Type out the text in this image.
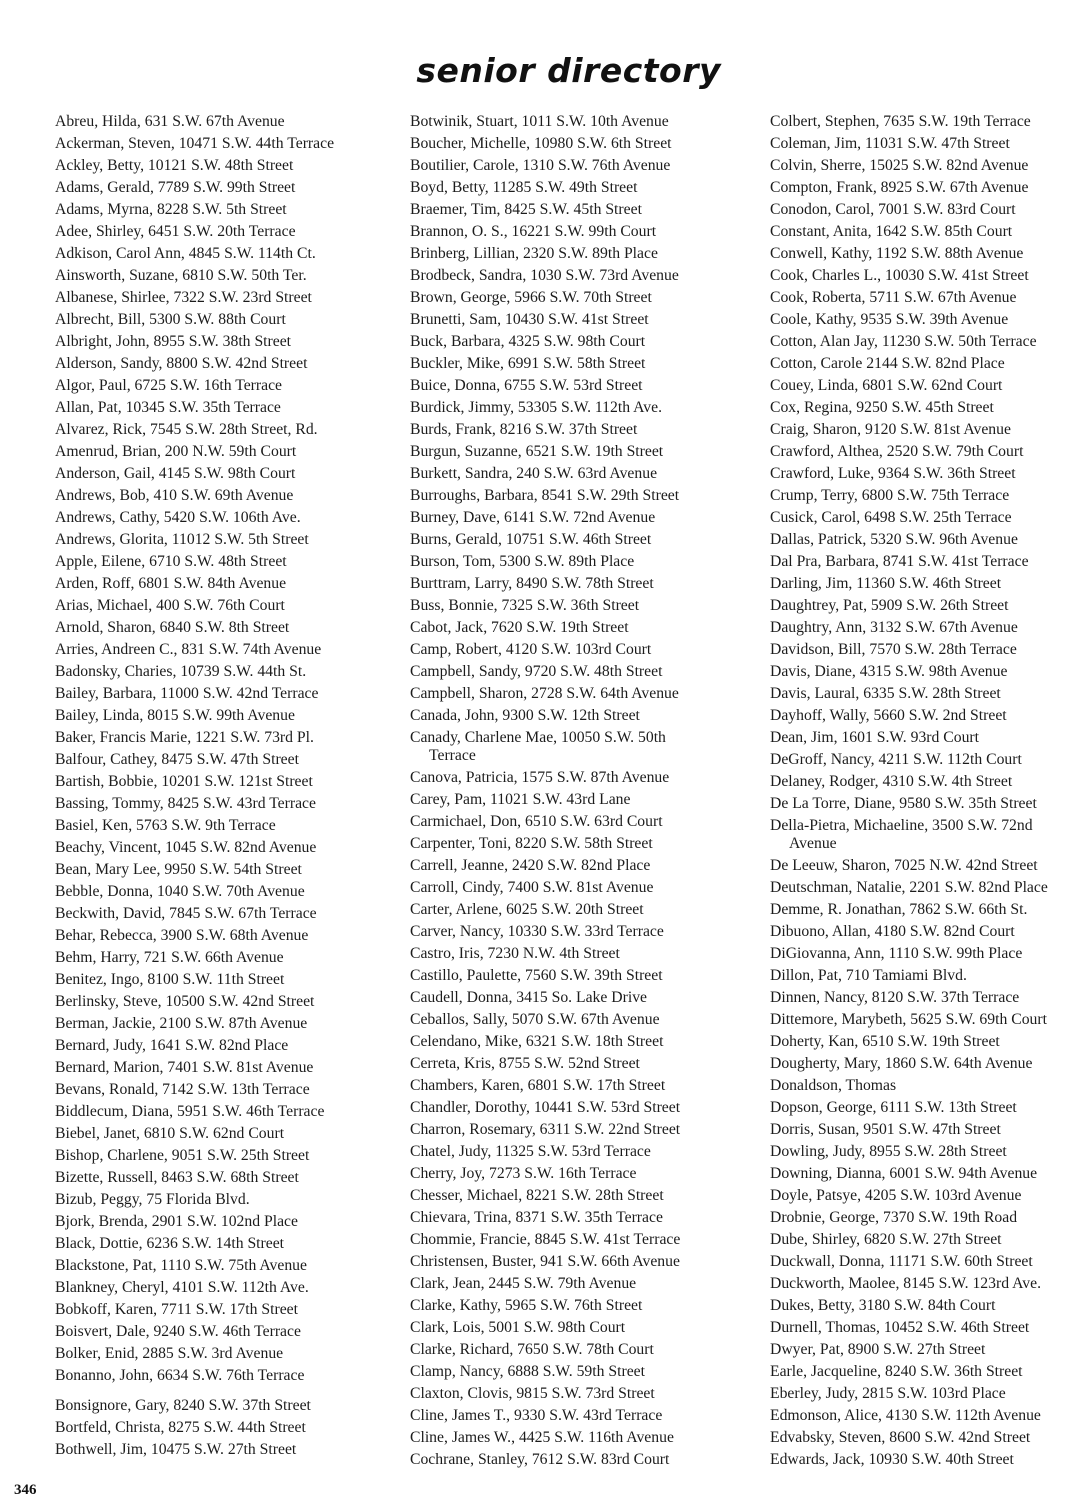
senior directory
Abreu, Hilda, 631 S.W. 67th Avenue
Ackerman, Steven, 10471 S.W. 44th Terrace
Ackley, Betty, 10121 S.W. 48th Street
Adams, Gerald, 7789 S.W. 99th Street
Adams, Myrna, 8228 S.W. 5th Street
Adee, Shirley, 6451 S.W. 20th Terrace
Adkison, Carol Ann, 4845 S.W. 114th Ct.
Ainsworth, Suzane, 6810 S.W. 50th Ter.
Albanese, Shirlee, 7322 S.W. 23rd Street
Albrecht, Bill, 5300 S.W. 88th Court
Albright, John, 8955 S.W. 38th Street
Alderson, Sandy, 8800 S.W. 42nd Street
Algor, Paul, 6725 S.W. 16th Terrace
Allan, Pat, 10345 S.W. 35th Terrace
Alvarez, Rick, 7545 S.W. 28th Street, Rd.
Amenrud, Brian, 200 N.W. 59th Court
Anderson, Gail, 4145 S.W. 98th Court
Andrews, Bob, 410 S.W. 69th Avenue
Andrews, Cathy, 5420 S.W. 106th Ave.
Andrews, Glorita, 11012 S.W. 5th Street
Apple, Eilene, 6710 S.W. 48th Street
Arden, Roff, 6801 S.W. 84th Avenue
Arias, Michael, 400 S.W. 76th Court
Arnold, Sharon, 6840 S.W. 8th Street
Arries, Andreen C., 831 S.W. 74th Avenue
Badonsky, Charies, 10739 S.W. 44th St.
Bailey, Barbara, 11000 S.W. 42nd Terrace
Bailey, Linda, 8015 S.W. 99th Avenue
Baker, Francis Marie, 1221 S.W. 73rd Pl.
Balfour, Cathey, 8475 S.W. 47th Street
Bartish, Bobbie, 10201 S.W. 121st Street
Bassing, Tommy, 8425 S.W. 43rd Terrace
Basiel, Ken, 5763 S.W. 9th Terrace
Beachy, Vincent, 1045 S.W. 82nd Avenue
Bean, Mary Lee, 9950 S.W. 54th Street
Bebble, Donna, 1040 S.W. 70th Avenue
Beckwith, David, 7845 S.W. 67th Terrace
Behar, Rebecca, 3900 S.W. 68th Avenue
Behm, Harry, 721 S.W. 66th Avenue
Benitez, Ingo, 8100 S.W. 11th Street
Berlinsky, Steve, 10500 S.W. 42nd Street
Berman, Jackie, 2100 S.W. 87th Avenue
Bernard, Judy, 1641 S.W. 82nd Place
Bernard, Marion, 7401 S.W. 81st Avenue
Bevans, Ronald, 7142 S.W. 13th Terrace
Biddlecum, Diana, 5951 S.W. 46th Terrace
Biebel, Janet, 6810 S.W. 62nd Court
Bishop, Charlene, 9051 S.W. 25th Street
Bizette, Russell, 8463 S.W. 68th Street
Bizub, Peggy, 75 Florida Blvd.
Bjork, Brenda, 2901 S.W. 102nd Place
Black, Dottie, 6236 S.W. 14th Street
Blackstone, Pat, 1110 S.W. 75th Avenue
Blankney, Cheryl, 4101 S.W. 112th Ave.
Bobkoff, Karen, 7711 S.W. 17th Street
Boisvert, Dale, 9240 S.W. 46th Terrace
Bolker, Enid, 2885 S.W. 3rd Avenue
Bonanno, John, 6634 S.W. 76th Terrace
Bonsignore, Gary, 8240 S.W. 37th Street
Bortfeld, Christa, 8275 S.W. 44th Street
Bothwell, Jim, 10475 S.W. 27th Street
Botwinik, Stuart, 1011 S.W. 10th Avenue
Boucher, Michelle, 10980 S.W. 6th Street
Boutilier, Carole, 1310 S.W. 76th Avenue
Boyd, Betty, 11285 S.W. 49th Street
Braemer, Tim, 8425 S.W. 45th Street
Brannon, O. S., 16221 S.W. 99th Court
Brinberg, Lillian, 2320 S.W. 89th Place
Brodbeck, Sandra, 1030 S.W. 73rd Avenue
Brown, George, 5966 S.W. 70th Street
Brunetti, Sam, 10430 S.W. 41st Street
Buck, Barbara, 4325 S.W. 98th Court
Buckler, Mike, 6991 S.W. 58th Street
Buice, Donna, 6755 S.W. 53rd Street
Burdick, Jimmy, 53305 S.W. 112th Ave.
Burds, Frank, 8216 S.W. 37th Street
Burgun, Suzanne, 6521 S.W. 19th Street
Burkett, Sandra, 240 S.W. 63rd Avenue
Burroughs, Barbara, 8541 S.W. 29th Street
Burney, Dave, 6141 S.W. 72nd Avenue
Burns, Gerald, 10751 S.W. 46th Street
Burson, Tom, 5300 S.W. 89th Place
Burttram, Larry, 8490 S.W. 78th Street
Buss, Bonnie, 7325 S.W. 36th Street
Cabot, Jack, 7620 S.W. 19th Street
Camp, Robert, 4120 S.W. 103rd Court
Campbell, Sandy, 9720 S.W. 48th Street
Campbell, Sharon, 2728 S.W. 64th Avenue
Canada, John, 9300 S.W. 12th Street
Canady, Charlene Mae, 10050 S.W. 50th
Terrace
Canova, Patricia, 1575 S.W. 87th Avenue
Carey, Pam, 11021 S.W. 43rd Lane
Carmichael, Don, 6510 S.W. 63rd Court
Carpenter, Toni, 8220 S.W. 58th Street
Carrell, Jeanne, 2420 S.W. 82nd Place
Carroll, Cindy, 7400 S.W. 81st Avenue
Carter, Arlene, 6025 S.W. 20th Street
Carver, Nancy, 10330 S.W. 33rd Terrace
Castro, Iris, 7230 N.W. 4th Street
Castillo, Paulette, 7560 S.W. 39th Street
Caudell, Donna, 3415 So. Lake Drive
Ceballos, Sally, 5070 S.W. 67th Avenue
Celendano, Mike, 6321 S.W. 18th Street
Cerreta, Kris, 8755 S.W. 52nd Street
Chambers, Karen, 6801 S.W. 17th Street
Chandler, Dorothy, 10441 S.W. 53rd Street
Charron, Rosemary, 6311 S.W. 22nd Street
Chatel, Judy, 11325 S.W. 53rd Terrace
Cherry, Joy, 7273 S.W. 16th Terrace
Chesser, Michael, 8221 S.W. 28th Street
Chievara, Trina, 8371 S.W. 35th Terrace
Chommie, Francie, 8845 S.W. 41st Terrace
Christensen, Buster, 941 S.W. 66th Avenue
Clark, Jean, 2445 S.W. 79th Avenue
Clarke, Kathy, 5965 S.W. 76th Street
Clark, Lois, 5001 S.W. 98th Court
Clarke, Richard, 7650 S.W. 78th Court
Clamp, Nancy, 6888 S.W. 59th Street
Claxton, Clovis, 9815 S.W. 73rd Street
Cline, James T., 9330 S.W. 43rd Terrace
Cline, James W., 4425 S.W. 116th Avenue
Cochrane, Stanley, 7612 S.W. 83rd Court
Colbert, Stephen, 7635 S.W. 19th Terrace
Coleman, Jim, 11031 S.W. 47th Street
Colvin, Sherre, 15025 S.W. 82nd Avenue
Compton, Frank, 8925 S.W. 67th Avenue
Conodon, Carol, 7001 S.W. 83rd Court
Constant, Anita, 1642 S.W. 85th Court
Conwell, Kathy, 1192 S.W. 88th Avenue
Cook, Charles L., 10030 S.W. 41st Street
Cook, Roberta, 5711 S.W. 67th Avenue
Coole, Kathy, 9535 S.W. 39th Avenue
Cotton, Alan Jay, 11230 S.W. 50th Terrace
Cotton, Carole 2144 S.W. 82nd Place
Couey, Linda, 6801 S.W. 62nd Court
Cox, Regina, 9250 S.W. 45th Street
Craig, Sharon, 9120 S.W. 81st Avenue
Crawford, Althea, 2520 S.W. 79th Court
Crawford, Luke, 9364 S.W. 36th Street
Crump, Terry, 6800 S.W. 75th Terrace
Cusick, Carol, 6498 S.W. 25th Terrace
Dallas, Patrick, 5320 S.W. 96th Avenue
Dal Pra, Barbara, 8741 S.W. 41st Terrace
Darling, Jim, 11360 S.W. 46th Street
Daughtrey, Pat, 5909 S.W. 26th Street
Daughtry, Ann, 3132 S.W. 67th Avenue
Davidson, Bill, 7570 S.W. 28th Terrace
Davis, Diane, 4315 S.W. 98th Avenue
Davis, Laural, 6335 S.W. 28th Street
Dayhoff, Wally, 5660 S.W. 2nd Street
Dean, Jim, 1601 S.W. 93rd Court
DeGroff, Nancy, 4211 S.W. 112th Court
Delaney, Rodger, 4310 S.W. 4th Street
De La Torre, Diane, 9580 S.W. 35th Street
Della-Pietra, Michaeline, 3500 S.W. 72nd
Avenue
De Leeuw, Sharon, 7025 N.W. 42nd Street
Deutschman, Natalie, 2201 S.W. 82nd Place
Demme, R. Jonathan, 7862 S.W. 66th St.
Dibuono, Allan, 4180 S.W. 82nd Court
DiGiovanna, Ann, 1110 S.W. 99th Place
Dillon, Pat, 710 Tamiami Blvd.
Dinnen, Nancy, 8120 S.W. 37th Terrace
Dittemore, Marybeth, 5625 S.W. 69th Court
Doherty, Kan, 6510 S.W. 19th Street
Dougherty, Mary, 1860 S.W. 64th Avenue
Donaldson, Thomas
Dopson, George, 6111 S.W. 13th Street
Dorris, Susan, 9501 S.W. 47th Street
Dowling, Judy, 8955 S.W. 28th Street
Downing, Dianna, 6001 S.W. 94th Avenue
Doyle, Patsye, 4205 S.W. 103rd Avenue
Drobnie, George, 7370 S.W. 19th Road
Dube, Shirley, 6820 S.W. 27th Street
Duckwall, Donna, 11171 S.W. 60th Street
Duckworth, Maolee, 8145 S.W. 123rd Ave.
Dukes, Betty, 3180 S.W. 84th Court
Durnell, Thomas, 10452 S.W. 46th Street
Dwyer, Pat, 8900 S.W. 27th Street
Earle, Jacqueline, 8240 S.W. 36th Street
Eberley, Judy, 2815 S.W. 103rd Place
Edmonson, Alice, 4130 S.W. 112th Avenue
Edvabsky, Steven, 8600 S.W. 42nd Street
Edwards, Jack, 10930 S.W. 40th Street
346
